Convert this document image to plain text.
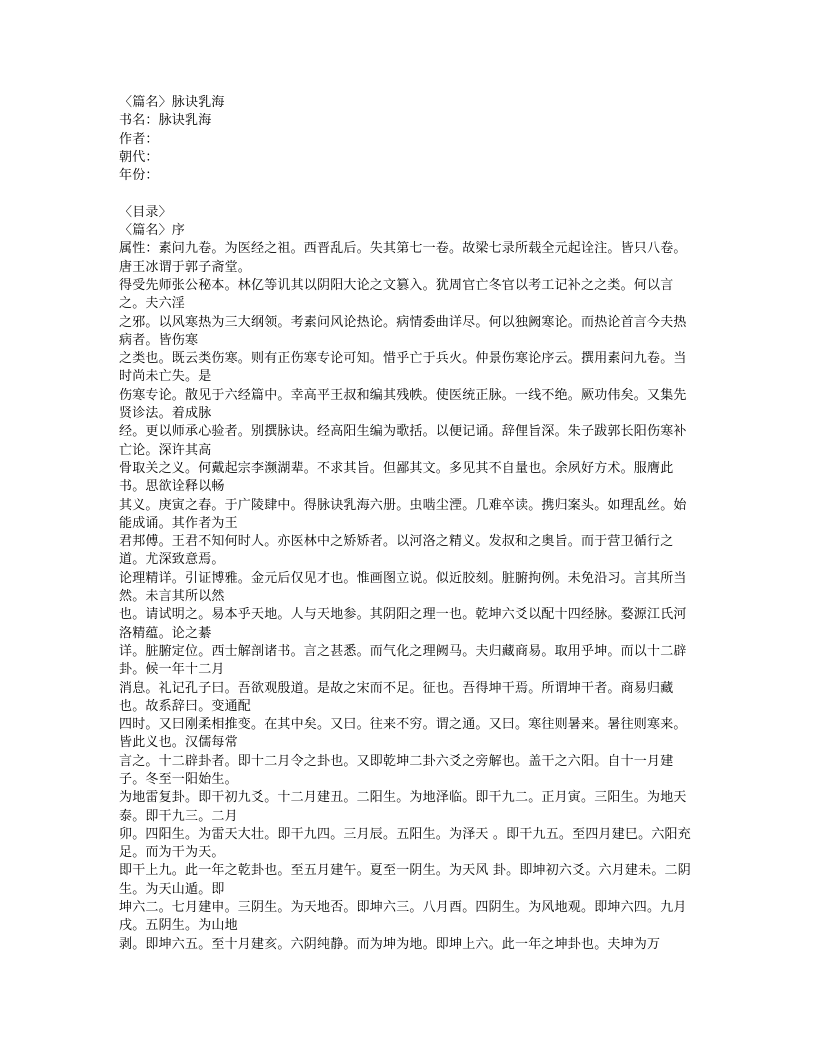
〈篇名〉脉诀乳海
书名：脉诀乳海
作者：
朝代：
年份：
〈目录〉
〈篇名〉序
属性：素问九卷。为医经之祖。西晋乱后。失其第七一卷。故梁七录所载全元起诠注。皆只八卷。唐王冰谓于郭子斋堂。
得受先师张公秘本。林亿等讥其以阴阳大论之文篡入。犹周官亡冬官以考工记补之之类。何以言之。夫六淫
之邪。以风寒热为三大纲领。考素问风论热论。病情委曲详尽。何以独阙寒论。而热论首言今夫热病者。皆伤寒
之类也。既云类伤寒。则有正伤寒专论可知。惜乎亡于兵火。仲景伤寒论序云。撰用素问九卷。当时尚未亡失。是
伤寒专论。散见于六经篇中。幸高平王叔和编其残帙。使医统正脉。一线不绝。厥功伟矣。又集先贤诊法。着成脉
经。更以师承心验者。别撰脉诀。经高阳生编为歌括。以便记诵。辞俚旨深。朱子跋郭长阳伤寒补亡论。深许其高
骨取关之义。何戴起宗李濒湖辈。不求其旨。但鄙其文。多见其不自量也。余夙好方术。服膺此书。思欲诠释以畅
其义。庚寅之春。于广陵肆中。得脉诀乳海六册。虫啮尘湮。几难卒读。携归案头。如理乱丝。始能成诵。其作者为王
君邦傅。王君不知何时人。亦医林中之矫矫者。以河洛之精义。发叔和之奥旨。而于营卫循行之道。尤深致意焉。
论理精详。引证博雅。金元后仅见才也。惟画图立说。似近胶刻。脏腑拘例。未免沿习。言其所当然。未言其所以然
也。请试明之。易本乎天地。人与天地参。其阴阳之理一也。乾坤六爻以配十四经脉。婺源江氏河洛精蕴。论之綦
详。脏腑定位。西士解剖诸书。言之甚悉。而气化之理阙马。夫归藏商易。取用乎坤。而以十二辟卦。候一年十二月
消息。礼记孔子曰。吾欲观殷道。是故之宋而不足。征也。吾得坤干焉。所谓坤干者。商易归藏也。故系辞曰。变通配
四时。又曰刚柔相推变。在其中矣。又曰。往来不穷。谓之通。又曰。寒往则暑来。暑往则寒来。皆此义也。汉儒每常
言之。十二辟卦者。即十二月令之卦也。又即乾坤二卦六爻之旁解也。盖干之六阳。自十一月建子。冬至一阳始生。
为地雷复卦。即干初九爻。十二月建丑。二阳生。为地泽临。即干九二。正月寅。三阳生。为地天泰。即干九三。二月
卯。四阳生。为雷天大壮。即干九四。三月辰。五阳生。为泽天 。即干九五。至四月建巳。六阳充足。而为干为天。
即干上九。此一年之乾卦也。至五月建午。夏至一阴生。为天风 卦。即坤初六爻。六月建未。二阴生。为天山遁。即
坤六二。七月建申。三阴生。为天地否。即坤六三。八月酉。四阴生。为风地观。即坤六四。九月戌。五阴生。为山地
剥。即坤六五。至十月建亥。六阴纯静。而为坤为地。即坤上六。此一年之坤卦也。夫坤为万
